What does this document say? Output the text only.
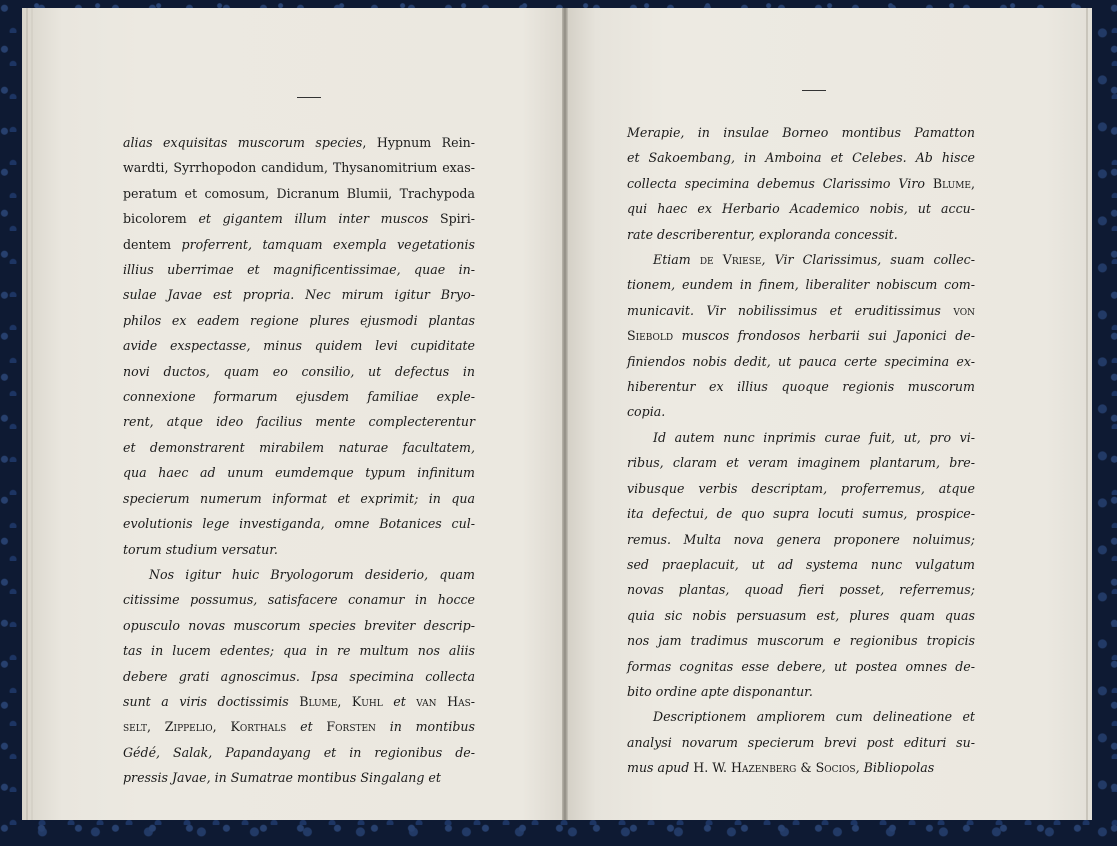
alias exquisitas muscorum species, Hypnum Rein-
wardti, Syrrhopodon candidum, Thysanomitrium exas-
peratum et comosum, Dicranum Blumii, Trachypoda
bicolorem et gigantem illum inter muscos Spiri-
dentem proferrent, tamquam exempla vegetationis
illius uberrimae et magnificentissimae, quae in-
sulae Javae est propria. Nec mirum igitur Bryo-
philos ex eadem regione plures ejusmodi plantas
avide exspectasse, minus quidem levi cupiditate
novi ductos, quam eo consilio, ut defectus in
connexione formarum ejusdem familiae exple-
rent, atque ideo facilius mente complecterentur
et demonstrarent mirabilem naturae facultatem,
qua haec ad unum eumdemque typum infinitum
specierum numerum informat et exprimit; in qua
evolutionis lege investiganda, omne Botanices cul-
torum studium versatur.
Nos igitur huic Bryologorum desiderio, quam
citissime possumus, satisfacere conamur in hocce
opusculo novas muscorum species breviter descrip-
tas in lucem edentes; qua in re multum nos aliis
debere grati agnoscimus. Ipsa specimina collecta
sunt a viris doctissimis Blume, Kuhl et van Has-
selt, Zippelio, Korthals et Forsten in montibus
Gédé, Salak, Papandayang et in regionibus de-
pressis Javae, in Sumatrae montibus Singalang et
Merapie, in insulae Borneo montibus Pamatton
et Sakoembang, in Amboina et Celebes. Ab hisce
collecta specimina debemus Clarissimo Viro Blume,
qui haec ex Herbario Academico nobis, ut accu-
rate describerentur, exploranda concessit.
Etiam de Vriese, Vir Clarissimus, suam collec-
tionem, eundem in finem, liberaliter nobiscum com-
municavit. Vir nobilissimus et eruditissimus von
Siebold muscos frondosos herbarii sui Japonici de-
finiendos nobis dedit, ut pauca certe specimina ex-
hiberentur ex illius quoque regionis muscorum
copia.
Id autem nunc inprimis curae fuit, ut, pro vi-
ribus, claram et veram imaginem plantarum, bre-
vibusque verbis descriptam, proferremus, atque
ita defectui, de quo supra locuti sumus, prospice-
remus. Multa nova genera proponere noluimus;
sed praeplacuit, ut ad systema nunc vulgatum
novas plantas, quoad fieri posset, referremus;
quia sic nobis persuasum est, plures quam quas
nos jam tradimus muscorum e regionibus tropicis
formas cognitas esse debere, ut postea omnes de-
bito ordine apte disponantur.
Descriptionem ampliorem cum delineatione et
analysi novarum specierum brevi post edituri su-
mus apud H. W. Hazenberg & Socios, Bibliopolas
